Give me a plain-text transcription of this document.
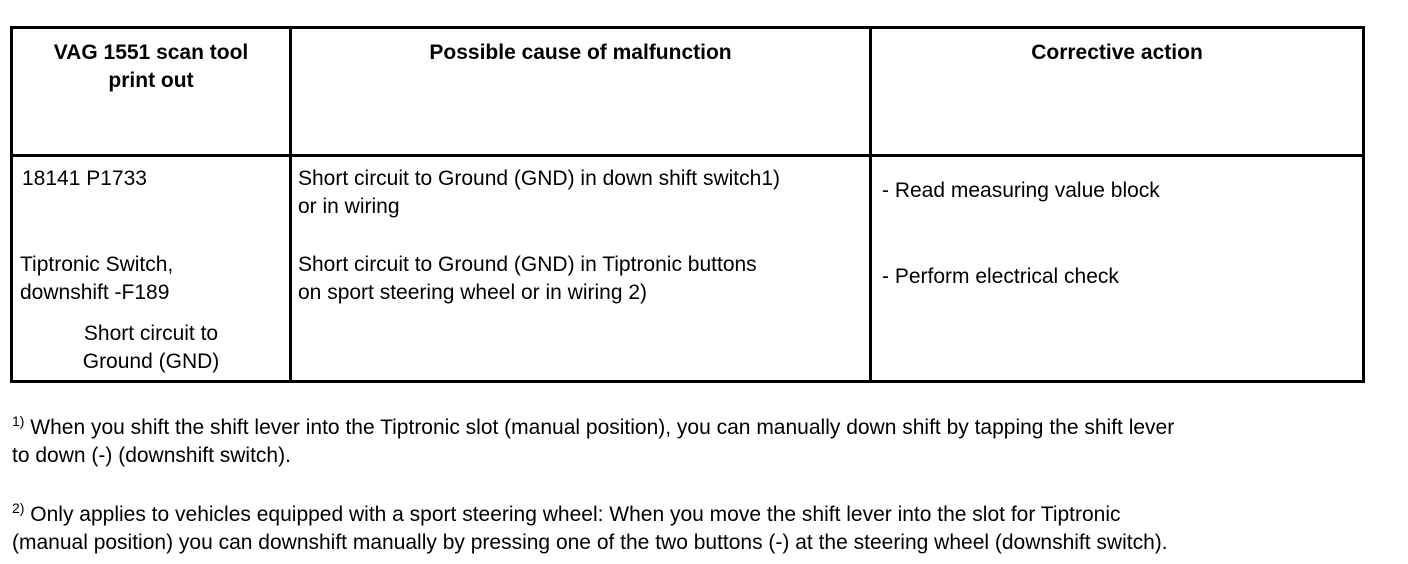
VAG 1551 scan tool
print out
Possible cause of malfunction	Corrective action
18141 P1733
Tiptronic Switch,
downshift -F189
Short circuit to
Ground (GND)
Short circuit to Ground (GND) in down shift switch1)
or in wiring
Short circuit to Ground (GND) in Tiptronic buttons
on sport steering wheel or in wiring 2)
- Read measuring value block
- Perform electrical check
$^{1)}$ When you shift the shift lever into the Tiptronic slot (manual position), you can manually down shift by tapping the shift lever
to down (-) (downshift switch).
$^{2)}$ Only applies to vehicles equipped with a sport steering wheel: When you move the shift lever into the slot for Tiptronic
(manual position) you can downshift manually by pressing one of the two buttons (-) at the steering wheel (downshift switch).
